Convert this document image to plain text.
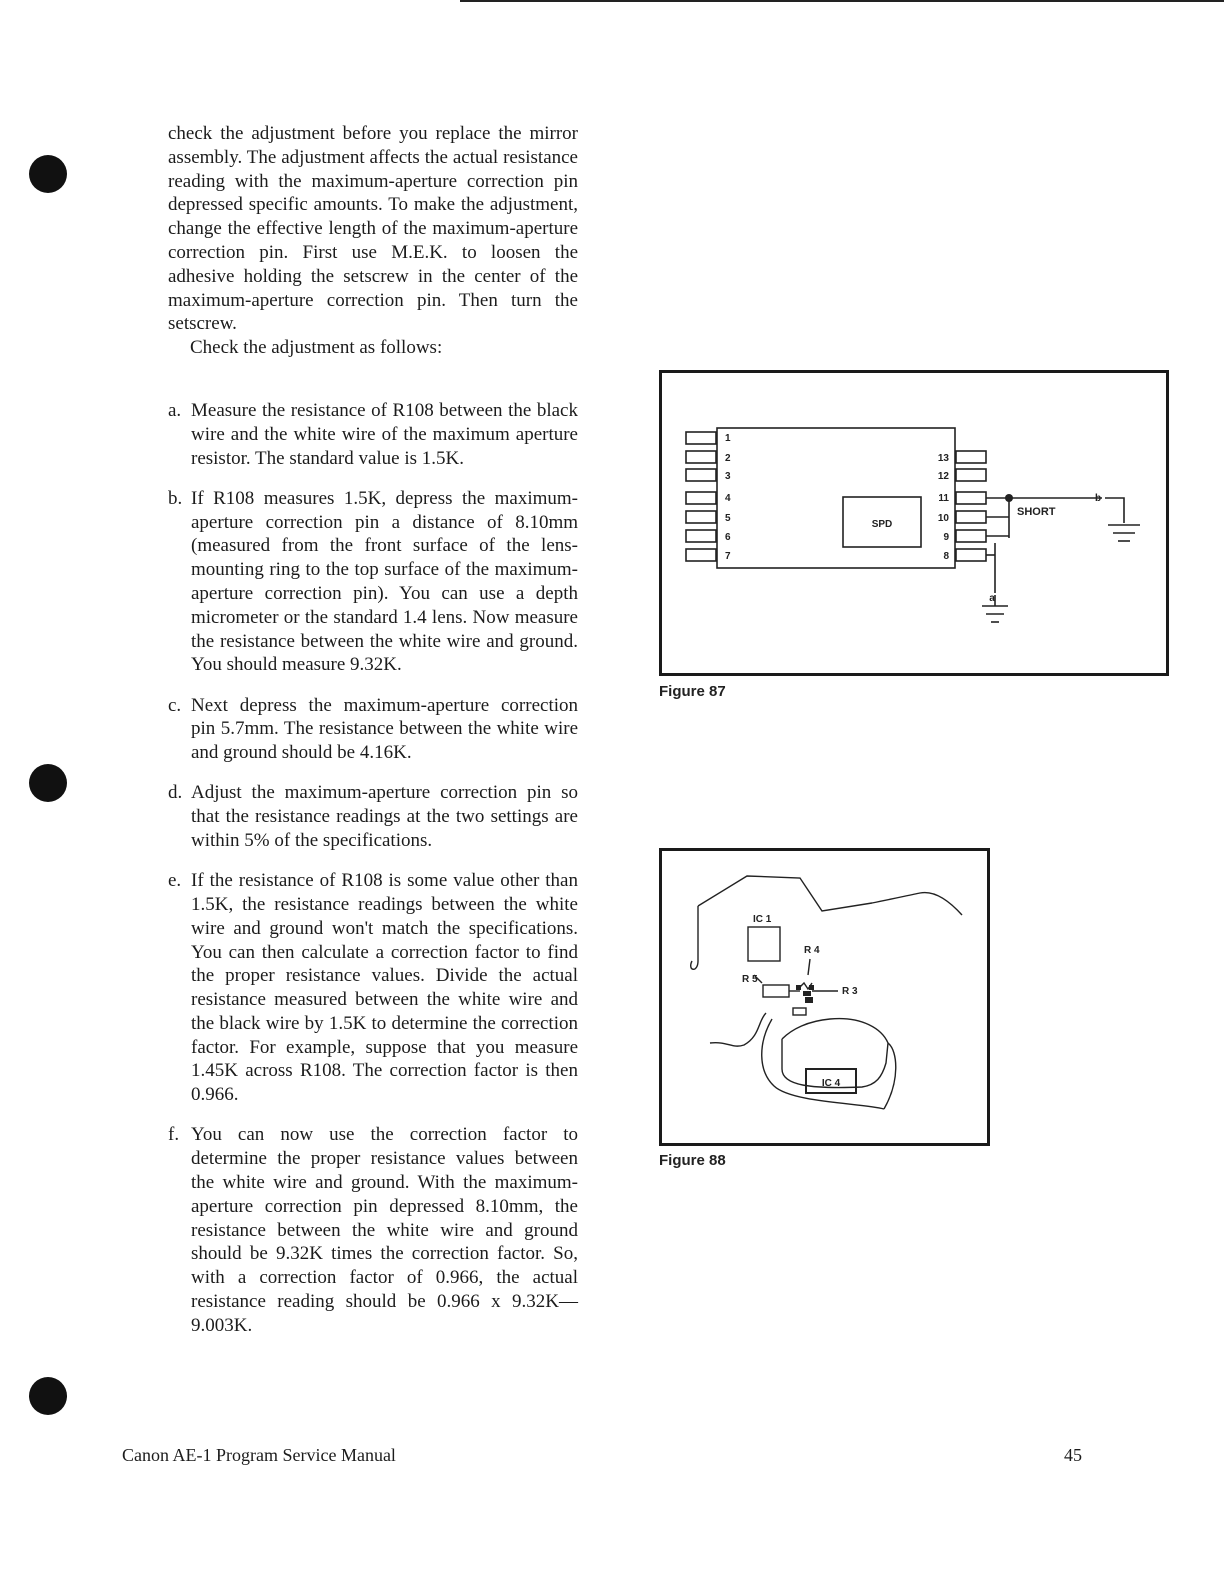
check the adjustment before you replace the mirror assembly. The adjustment affects the actual resistance reading with the maximum-aperture correction pin depressed specific amounts. To make the adjustment, change the effective length of the maximum-aperture correction pin. First use M.E.K. to loosen the adhesive holding the setscrew in the center of the maximum-aperture correction pin. Then turn the setscrew.

Check the adjustment as follows:

a. Measure the resistance of R108 between the black wire and the white wire of the maximum aperture resistor. The standard value is 1.5K.
b. If R108 measures 1.5K, depress the maximum-aperture correction pin a distance of 8.10mm (measured from the front surface of the lens-mounting ring to the top surface of the maximum-aperture correction pin). You can use a depth micrometer or the standard 1.4 lens. Now measure the resistance between the white wire and ground. You should measure 9.32K.
c. Next depress the maximum-aperture correction pin 5.7mm. The resistance between the white wire and ground should be 4.16K.
d. Adjust the maximum-aperture correction pin so that the resistance readings at the two settings are within 5% of the specifications.
e. If the resistance of R108 is some value other than 1.5K, the resistance readings between the white wire and ground won't match the specifications. You can then calculate a correction factor to find the proper resistance values. Divide the actual resistance measured between the white wire and the black wire by 1.5K to determine the correction factor. For example, suppose that you measure 1.45K across R108. The correction factor is then 0.966.
f. You can now use the correction factor to determine the proper resistance values between the white wire and ground. With the maximum-aperture correction pin depressed 8.10mm, the resistance between the white wire and ground should be 9.32K times the correction factor. So, with a correction factor of 0.966, the actual resistance reading should be 0.966 x 9.32K—9.003K.
1
2
3
4
5
6
7
13
12
11
10
9
8
SPD
SHORT
a
b
Figure 87
IC 1
R 4
R 5
R 3
IC 4
Figure 88
Canon AE-1 Program Service Manual	45
